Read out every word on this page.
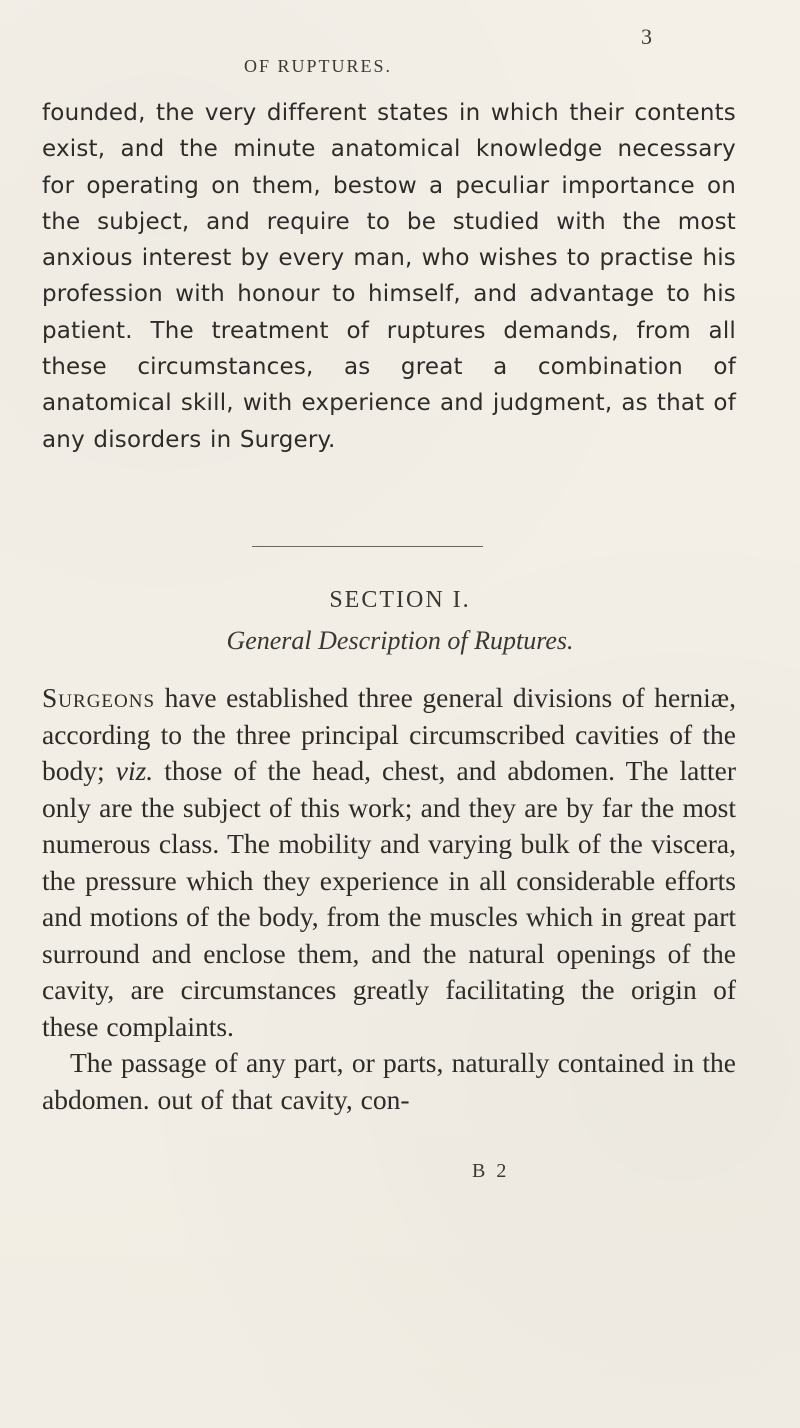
3
OF RUPTURES.

founded, the very different states in which their contents exist, and the minute anatomical knowledge necessary for operating on them, bestow a peculiar importance on the subject, and require to be studied with the most anxious interest by every man, who wishes to practise his profession with honour to himself, and advantage to his patient. The treatment of ruptures demands, from all these circumstances, as great a combination of anatomical skill, with experience and judgment, as that of any disorders in Surgery.

SECTION I.
General Description of Ruptures.

Surgeons have established three general divisions of herniæ, according to the three principal circumscribed cavities of the body; viz. those of the head, chest, and abdomen. The latter only are the subject of this work; and they are by far the most numerous class. The mobility and varying bulk of the viscera, the pressure which they experience in all considerable efforts and motions of the body, from the muscles which in great part surround and enclose them, and the natural openings of the cavity, are circumstances greatly facilitating the origin of these complaints.

The passage of any part, or parts, naturally contained in the abdomen. out of that cavity, con-

B 2
